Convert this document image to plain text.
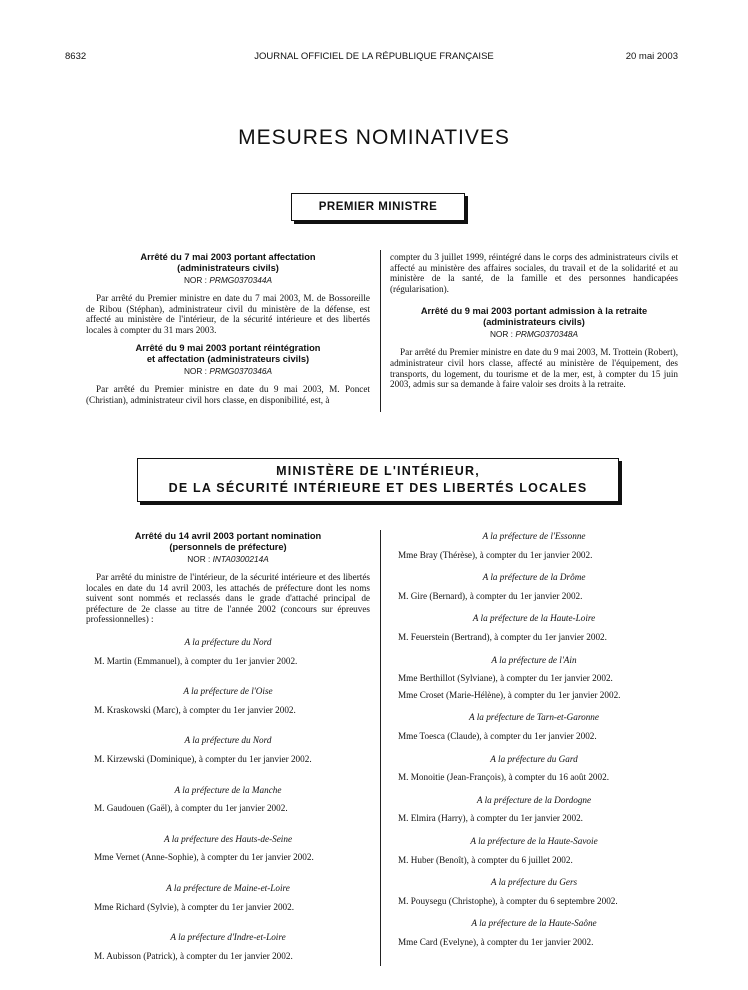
8632	JOURNAL OFFICIEL DE LA RÉPUBLIQUE FRANÇAISE	20 mai 2003
MESURES NOMINATIVES
PREMIER MINISTRE

Arrêté du 7 mai 2003 portant affectation

(administrateurs civils)

NOR : PRMG0370344A

Par arrêté du Premier ministre en date du 7 mai 2003, M. de Bossoreille de Ribou (Stéphan), administrateur civil du ministère de la défense, est affecté au ministère de l'intérieur, de la sécurité intérieure et des libertés locales à compter du 31 mars 2003.

Arrêté du 9 mai 2003 portant réintégration

et affectation (administrateurs civils)

NOR : PRMG0370346A

Par arrêté du Premier ministre en date du 9 mai 2003, M. Poncet (Christian), administrateur civil hors classe, en disponibilité, est, à

compter du 3 juillet 1999, réintégré dans le corps des administrateurs civils et affecté au ministère des affaires sociales, du travail et de la solidarité et au ministère de la santé, de la famille et des personnes handicapées (régularisation).

Arrêté du 9 mai 2003 portant admission à la retraite

(administrateurs civils)

NOR : PRMG0370348A

Par arrêté du Premier ministre en date du 9 mai 2003, M. Trottein (Robert), administrateur civil hors classe, affecté au ministère de l'équipement, des transports, du logement, du tourisme et de la mer, est, à compter du 15 juin 2003, admis sur sa demande à faire valoir ses droits à la retraite.

MINISTÈRE DE L'INTÉRIEUR,
DE LA SÉCURITÉ INTÉRIEURE ET DES LIBERTÉS LOCALES

Arrêté du 14 avril 2003 portant nomination

(personnels de préfecture)

NOR : INTA0300214A

Par arrêté du ministre de l'intérieur, de la sécurité intérieure et des libertés locales en date du 14 avril 2003, les attachés de préfecture dont les noms suivent sont nommés et reclassés dans le grade d'attaché principal de préfecture de 2e classe au titre de l'année 2002 (concours sur épreuves professionnelles) :

A la préfecture du Nord

M. Martin (Emmanuel), à compter du 1er janvier 2002.

A la préfecture de l'Oise

M. Kraskowski (Marc), à compter du 1er janvier 2002.

A la préfecture du Nord

M. Kirzewski (Dominique), à compter du 1er janvier 2002.

A la préfecture de la Manche

M. Gaudouen (Gaël), à compter du 1er janvier 2002.

A la préfecture des Hauts-de-Seine

Mme Vernet (Anne-Sophie), à compter du 1er janvier 2002.

A la préfecture de Maine-et-Loire

Mme Richard (Sylvie), à compter du 1er janvier 2002.

A la préfecture d'Indre-et-Loire

M. Aubisson (Patrick), à compter du 1er janvier 2002.

A la préfecture de l'Essonne

Mme Bray (Thérèse), à compter du 1er janvier 2002.

A la préfecture de la Drôme

M. Gire (Bernard), à compter du 1er janvier 2002.

A la préfecture de la Haute-Loire

M. Feuerstein (Bertrand), à compter du 1er janvier 2002.

A la préfecture de l'Ain

Mme Berthillot (Sylviane), à compter du 1er janvier 2002.

Mme Croset (Marie-Hélène), à compter du 1er janvier 2002.

A la préfecture de Tarn-et-Garonne

Mme Toesca (Claude), à compter du 1er janvier 2002.

A la préfecture du Gard

M. Monoitie (Jean-François), à compter du 16 août 2002.

A la préfecture de la Dordogne

M. Elmira (Harry), à compter du 1er janvier 2002.

A la préfecture de la Haute-Savoie

M. Huber (Benoît), à compter du 6 juillet 2002.

A la préfecture du Gers

M. Pouysegu (Christophe), à compter du 6 septembre 2002.

A la préfecture de la Haute-Saône

Mme Card (Evelyne), à compter du 1er janvier 2002.
